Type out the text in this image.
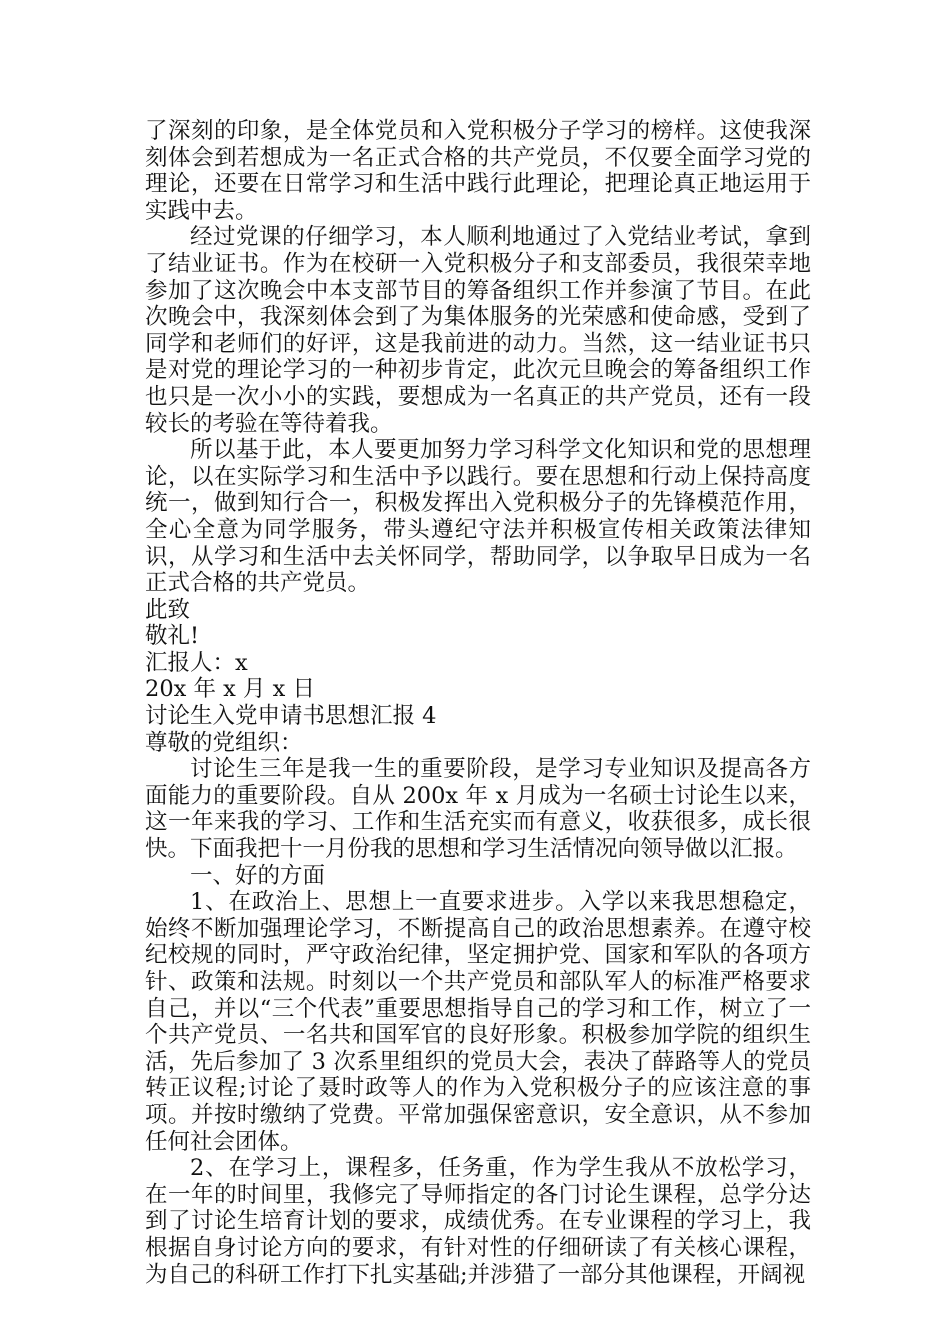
了深刻的印象，是全体党员和入党积极分子学习的榜样。这使我深刻体会到若想成为一名正式合格的共产党员，不仅要全面学习党的理论，还要在日常学习和生活中践行此理论，把理论真正地运用于实践中去。

经过党课的仔细学习，本人顺利地通过了入党结业考试，拿到了结业证书。作为在校研一入党积极分子和支部委员，我很荣幸地参加了这次晚会中本支部节目的筹备组织工作并参演了节目。在此次晚会中，我深刻体会到了为集体服务的光荣感和使命感，受到了同学和老师们的好评，这是我前进的动力。当然，这一结业证书只是对党的理论学习的一种初步肯定，此次元旦晚会的筹备组织工作也只是一次小小的实践，要想成为一名真正的共产党员，还有一段较长的考验在等待着我。

所以基于此，本人要更加努力学习科学文化知识和党的思想理论，以在实际学习和生活中予以践行。要在思想和行动上保持高度统一，做到知行合一，积极发挥出入党积极分子的先锋模范作用，全心全意为同学服务，带头遵纪守法并积极宣传相关政策法律知识，从学习和生活中去关怀同学，帮助同学，以争取早日成为一名正式合格的共产党员。

此致

敬礼!

汇报人：x

20x 年 x 月 x 日

讨论生入党申请书思想汇报 4

尊敬的党组织：

讨论生三年是我一生的重要阶段，是学习专业知识及提高各方面能力的重要阶段。自从 200x 年 x 月成为一名硕士讨论生以来，这一年来我的学习、工作和生活充实而有意义，收获很多，成长很快。下面我把十一月份我的思想和学习生活情况向领导做以汇报。

一、好的方面

1、在政治上、思想上一直要求进步。入学以来我思想稳定，始终不断加强理论学习，不断提高自己的政治思想素养。在遵守校纪校规的同时，严守政治纪律，坚定拥护党、国家和军队的各项方针、政策和法规。时刻以一个共产党员和部队军人的标准严格要求自己，并以“三个代表”重要思想指导自己的学习和工作，树立了一个共产党员、一名共和国军官的良好形象。积极参加学院的组织生活，先后参加了 3 次系里组织的党员大会，表决了薛路等人的党员转正议程;讨论了聂时政等人的作为入党积极分子的应该注意的事项。并按时缴纳了党费。平常加强保密意识，安全意识，从不参加任何社会团体。

2、在学习上，课程多，任务重，作为学生我从不放松学习，在一年的时间里，我修完了导师指定的各门讨论生课程，总学分达到了讨论生培育计划的要求，成绩优秀。在专业课程的学习上，我根据自身讨论方向的要求，有针对性的仔细研读了有关核心课程，为自己的科研工作打下扎实基础;并涉猎了一部分其他课程，开阔视
